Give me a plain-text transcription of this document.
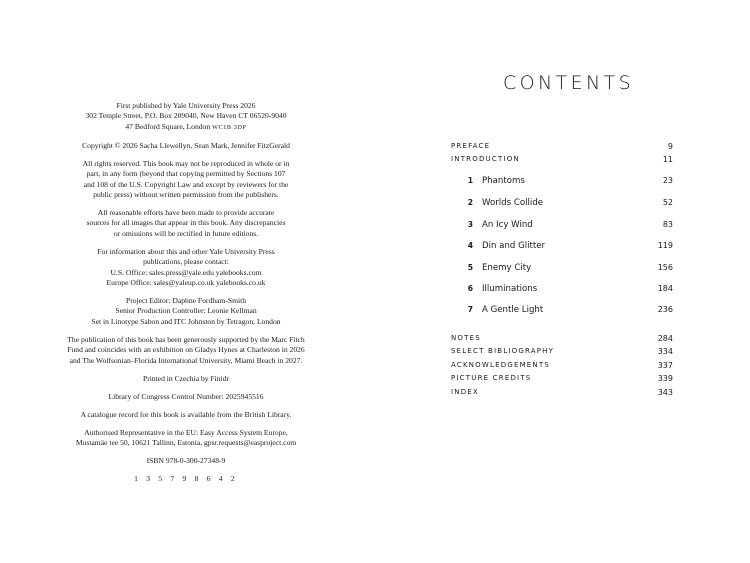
First published by Yale University Press 2026
302 Temple Street, P.O. Box 209040, New Haven CT 06520-9040
47 Bedford Square, London WC1B 3DP
Copyright © 2026 Sacha Llewellyn, Sean Mark, Jennifer FitzGerald
All rights reserved. This book may not be reproduced in whole or in
part, in any form (beyond that copying permitted by Sections 107
and 108 of the U.S. Copyright Law and except by reviewers for the
public press) without written permission from the publishers.
All reasonable efforts have been made to provide accurate
sources for all images that appear in this book. Any discrepancies
or omissions will be rectified in future editions.
For information about this and other Yale University Press
publications, please contact:
U.S. Office: sales.press@yale.edu yalebooks.com
Europe Office: sales@yaleup.co.uk yalebooks.co.uk
Project Editor: Daphne Fordham-Smith
Senior Production Controller: Leonie Kellman
Set in Linotype Sabon and ITC Johnston by Tetragon, London
The publication of this book has been generously supported by the Marc Fitch
Fund and coincides with an exhibition on Gladys Hynes at Charleston in 2026
and The Wolfsonian–Florida International University, Miami Beach in 2027.
Printed in Czechia by Finidr
Library of Congress Control Number: 2025945516
A catalogue record for this book is available from the British Library.
Authorised Representative in the EU: Easy Access System Europe,
Mustamäe tee 50, 10621 Tallinn, Estonia, gpsr.requests@easproject.com
ISBN 978-0-300-27348-9
1 3 5 7 9 8 6 4 2
CONTENTS
PREFACE	9
INTRODUCTION	11
1 Phantoms	23
2 Worlds Collide	52
3 An Icy Wind	83
4 Din and Glitter	119
5 Enemy City	156
6 Illuminations	184
7 A Gentle Light	236
NOTES	284
SELECT BIBLIOGRAPHY	334
ACKNOWLEDGEMENTS	337
PICTURE CREDITS	339
INDEX	343
